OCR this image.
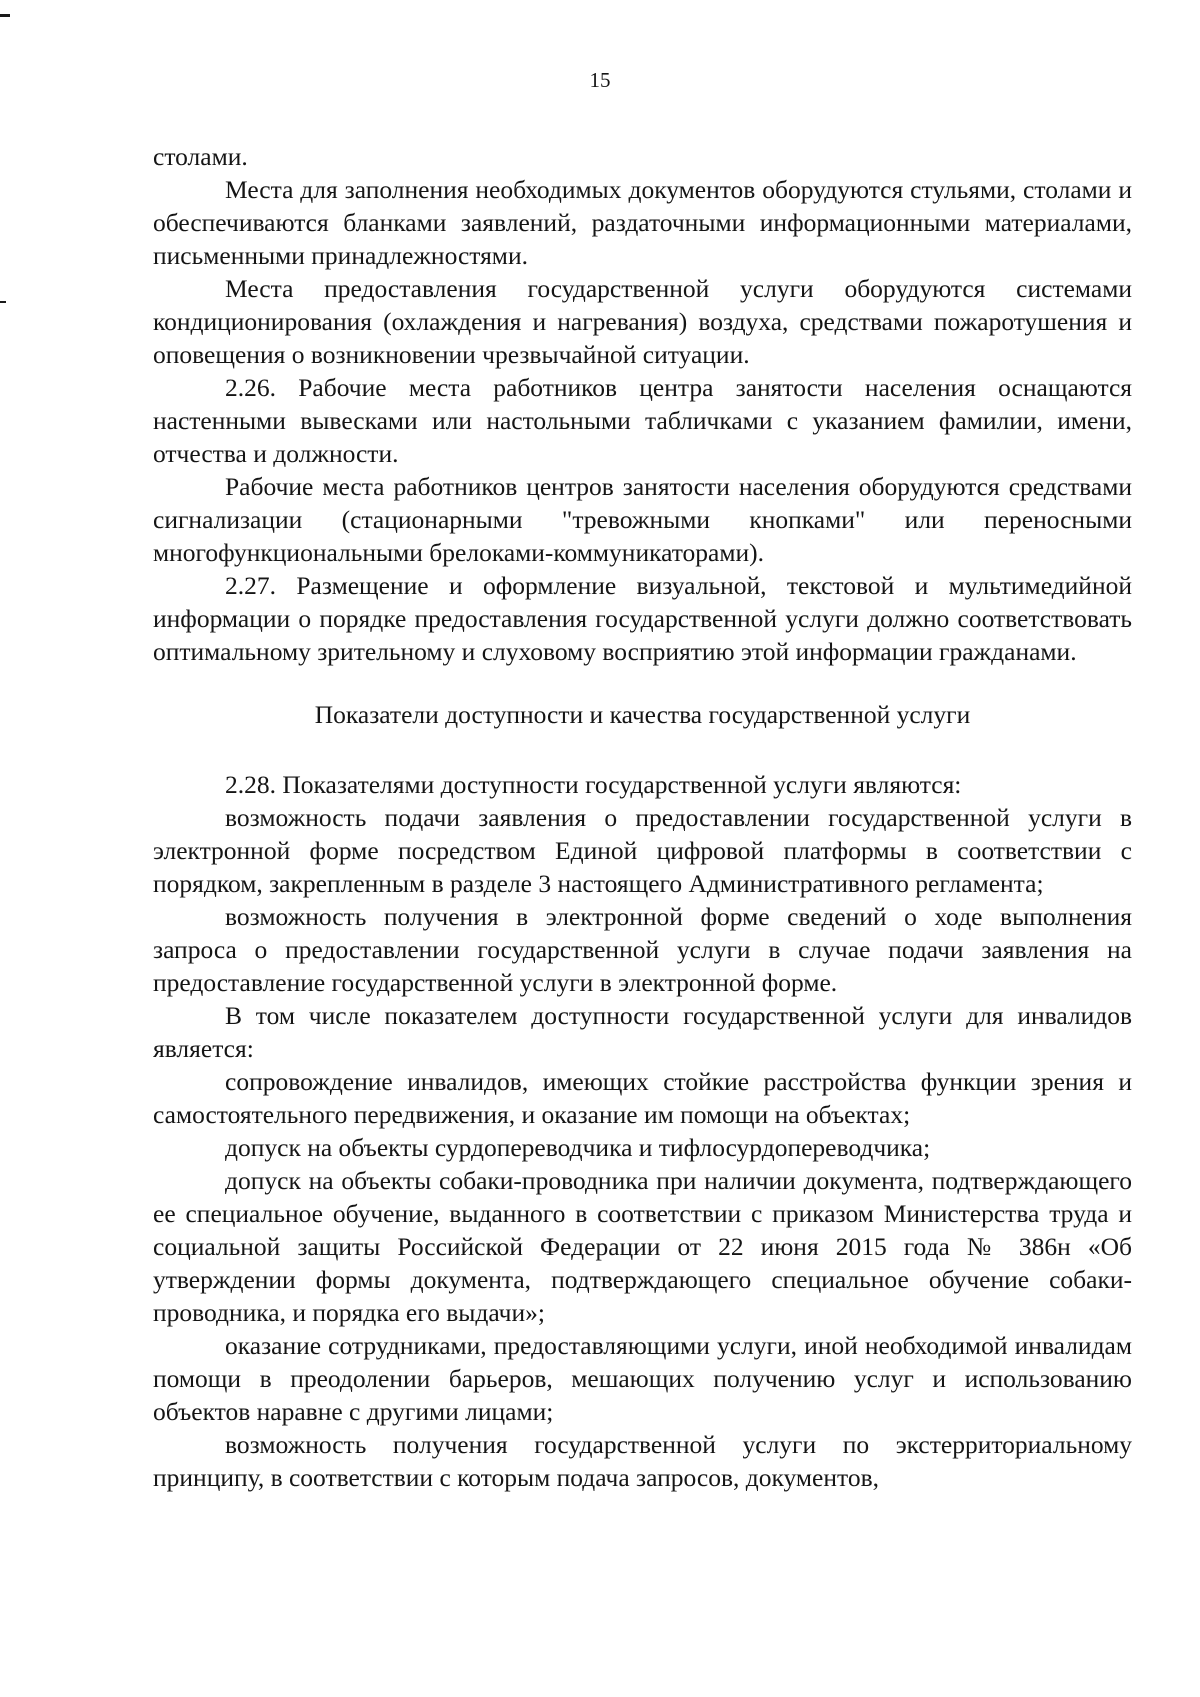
15

столами.

Места для заполнения необходимых документов оборудуются стульями, столами и обеспечиваются бланками заявлений, раздаточными информационными материалами, письменными принадлежностями.

Места предоставления государственной услуги оборудуются системами кондиционирования (охлаждения и нагревания) воздуха, средствами пожаротушения и оповещения о возникновении чрезвычайной ситуации.

2.26. Рабочие места работников центра занятости населения оснащаются настенными вывесками или настольными табличками с указанием фамилии, имени, отчества и должности.

Рабочие места работников центров занятости населения оборудуются средствами сигнализации (стационарными "тревожными кнопками" или переносными многофункциональными брелоками-коммуникаторами).

2.27. Размещение и оформление визуальной, текстовой и мультимедийной информации о порядке предоставления государственной услуги должно соответствовать оптимальному зрительному и слуховому восприятию этой информации гражданами.

Показатели доступности и качества государственной услуги

2.28. Показателями доступности государственной услуги являются:

возможность подачи заявления о предоставлении государственной услуги в электронной форме посредством Единой цифровой платформы в соответствии с порядком, закрепленным в разделе 3 настоящего Административного регламента;

возможность получения в электронной форме сведений о ходе выполнения запроса о предоставлении государственной услуги в случае подачи заявления на предоставление государственной услуги в электронной форме.

В том числе показателем доступности государственной услуги для инвалидов является:

сопровождение инвалидов, имеющих стойкие расстройства функции зрения и самостоятельного передвижения, и оказание им помощи на объектах;

допуск на объекты сурдопереводчика и тифлосурдопереводчика;

допуск на объекты собаки-проводника при наличии документа, подтверждающего ее специальное обучение, выданного в соответствии с приказом Министерства труда и социальной защиты Российской Федерации от 22 июня 2015 года № 386н «Об утверждении формы документа, подтверждающего специальное обучение собаки-проводника, и порядка его выдачи»;

оказание сотрудниками, предоставляющими услуги, иной необходимой инвалидам помощи в преодолении барьеров, мешающих получению услуг и использованию объектов наравне с другими лицами;

возможность получения государственной услуги по экстерриториальному принципу, в соответствии с которым подача запросов, документов,
